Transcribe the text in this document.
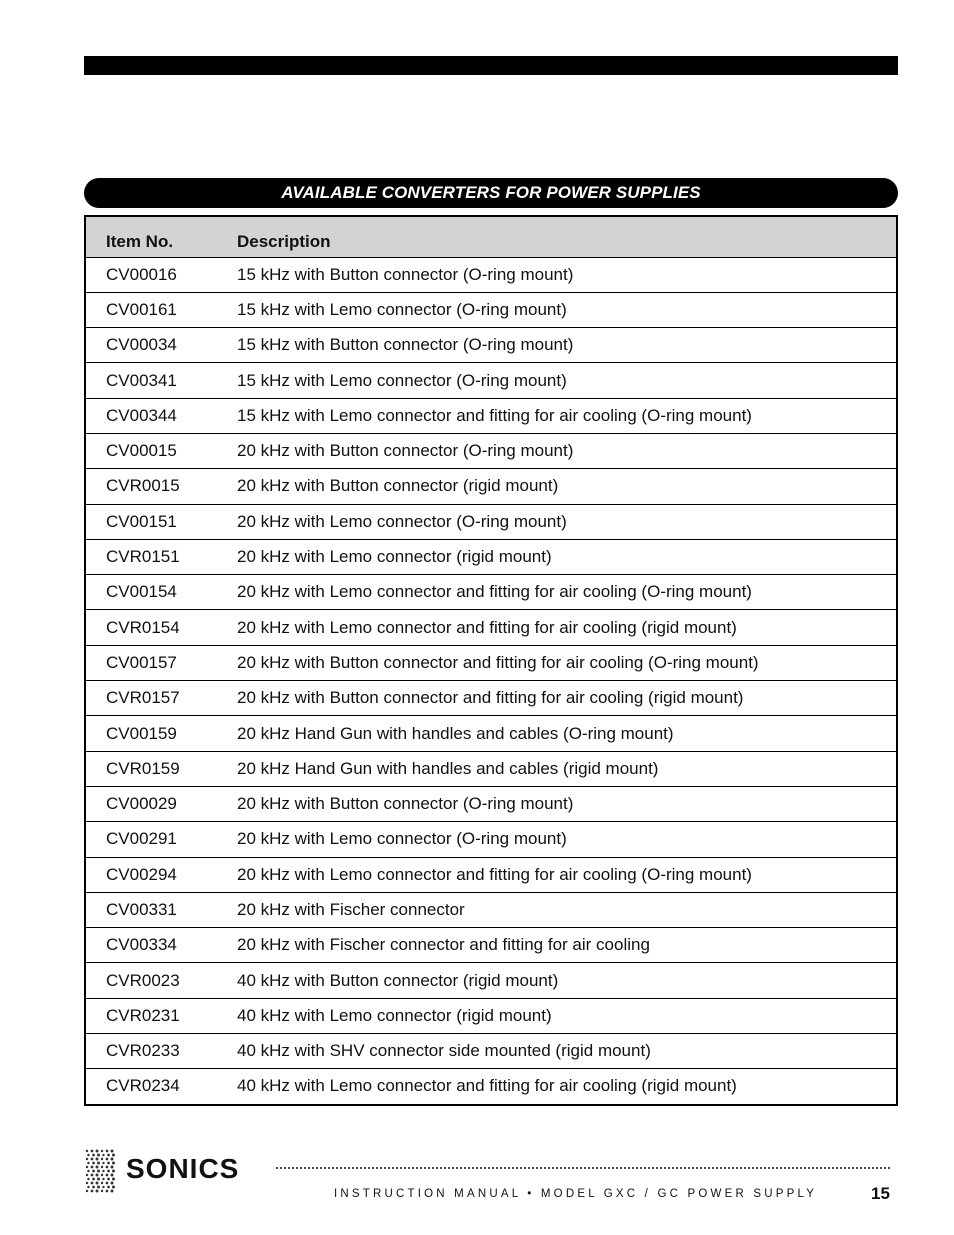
AVAILABLE CONVERTERS FOR POWER SUPPLIES
Item No.	Description
CV00016	15 kHz with Button connector (O-ring mount)
CV00161	15 kHz with Lemo connector (O-ring mount)
CV00034	15 kHz with Button connector (O-ring mount)
CV00341	15 kHz with Lemo connector (O-ring mount)
CV00344	15 kHz with Lemo connector and fitting for air cooling (O-ring mount)
CV00015	20 kHz with Button connector (O-ring mount)
CVR0015	20 kHz with Button connector (rigid mount)
CV00151	20 kHz with Lemo connector (O-ring mount)
CVR0151	20 kHz with Lemo connector (rigid mount)
CV00154	20 kHz with Lemo connector and fitting for air cooling (O-ring mount)
CVR0154	20 kHz with Lemo connector and fitting for air cooling (rigid mount)
CV00157	20 kHz with Button connector and fitting for air cooling (O-ring mount)
CVR0157	20 kHz with Button connector and fitting for air cooling (rigid mount)
CV00159	20 kHz Hand Gun with handles and cables (O-ring mount)
CVR0159	20 kHz Hand Gun with handles and cables (rigid mount)
CV00029	20 kHz with Button connector (O-ring mount)
CV00291	20 kHz with Lemo connector (O-ring mount)
CV00294	20 kHz with Lemo connector and fitting for air cooling (O-ring mount)
CV00331	20 kHz with Fischer connector
CV00334	20 kHz with Fischer connector and fitting for air cooling
CVR0023	40 kHz with Button connector (rigid mount)
CVR0231	40 kHz with Lemo connector (rigid mount)
CVR0233	40 kHz with SHV connector side mounted (rigid mount)
CVR0234	40 kHz with Lemo connector and fitting for air cooling (rigid mount)
SONICS
INSTRUCTION MANUAL • MODEL GXC / GC POWER SUPPLY	15
